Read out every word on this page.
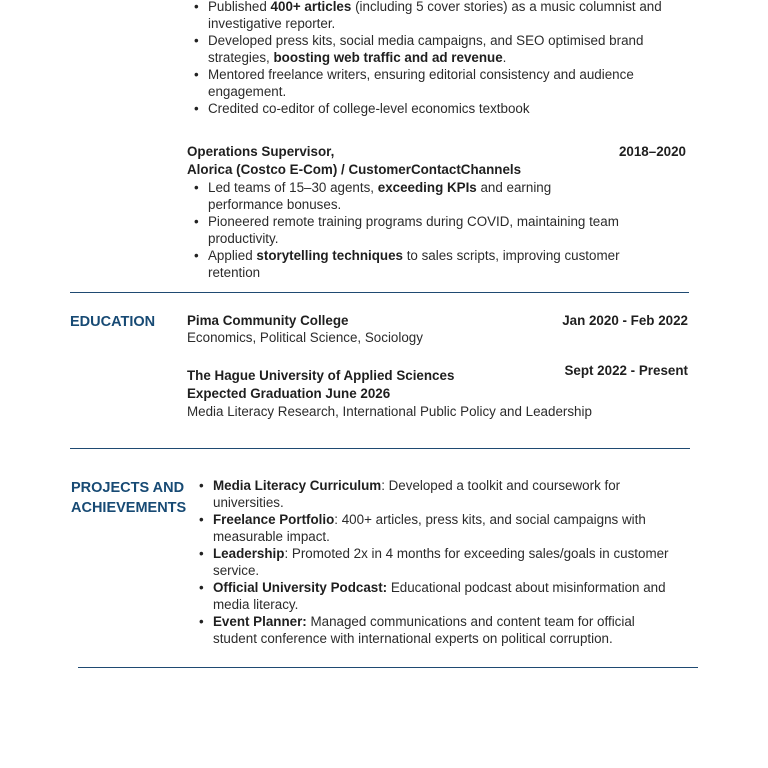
• Published 400+ articles (including 5 cover stories) as a music columnist and investigative reporter.
• Developed press kits, social media campaigns, and SEO optimised brand strategies, boosting web traffic and ad revenue.
• Mentored freelance writers, ensuring editorial consistency and audience engagement.
• Credited co-editor of college-level economics textbook
Operations Supervisor,	2018–2020
Alorica (Costco E-Com) / CustomerContactChannels
• Led teams of 15–30 agents, exceeding KPIs and earning performance bonuses.
• Pioneered remote training programs during COVID, maintaining team productivity.
• Applied storytelling techniques to sales scripts, improving customer retention
EDUCATION Pima Community College	Jan 2020 - Feb 2022
Economics, Political Science, Sociology
The Hague University of Applied Sciences	Sept 2022 - Present
Expected Graduation June 2026
Media Literacy Research, International Public Policy and Leadership
PROJECTS AND
ACHIEVEMENTS
• Media Literacy Curriculum: Developed a toolkit and coursework for universities.
• Freelance Portfolio: 400+ articles, press kits, and social campaigns with measurable impact.
• Leadership: Promoted 2x in 4 months for exceeding sales/goals in customer service.
• Official University Podcast: Educational podcast about misinformation and media literacy.
• Event Planner: Managed communications and content team for official student conference with international experts on political corruption.
